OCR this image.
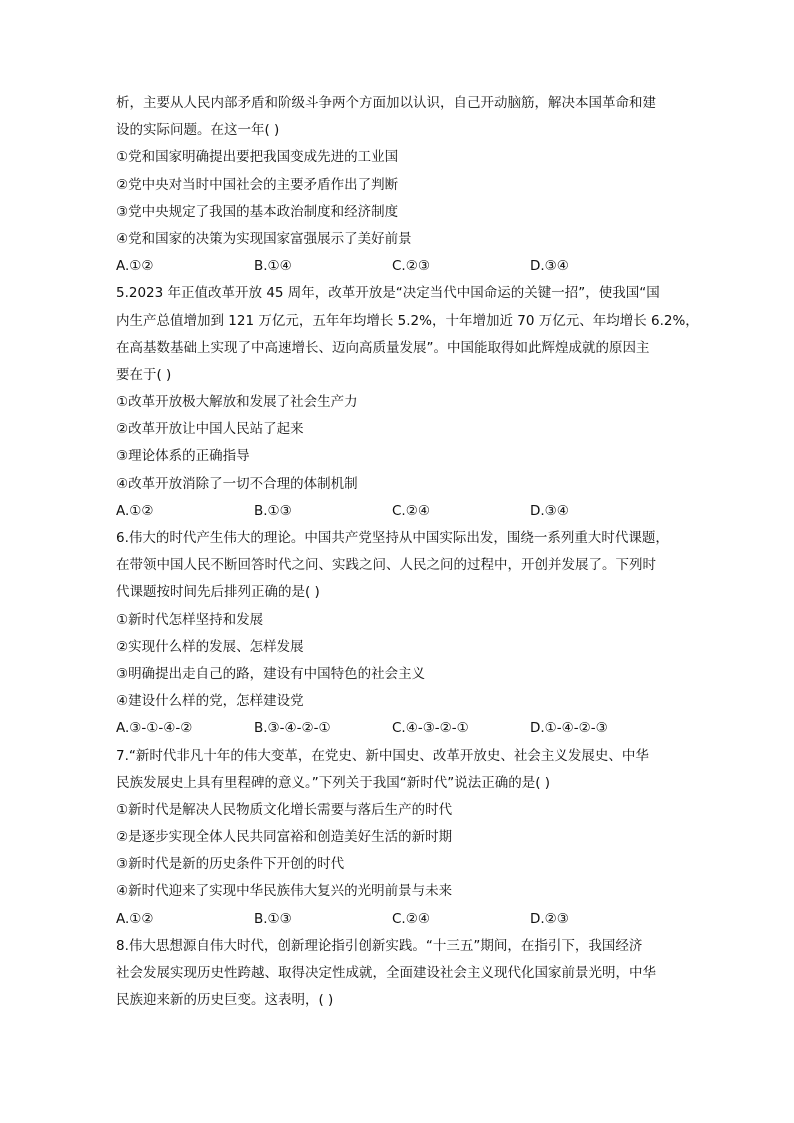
析，主要从人民内部矛盾和阶级斗争两个方面加以认识，自己开动脑筋，解决本国革命和建
设的实际问题。在这一年( )
①党和国家明确提出要把我国变成先进的工业国
②党中央对当时中国社会的主要矛盾作出了判断
③党中央规定了我国的基本政治制度和经济制度
④党和国家的决策为实现国家富强展示了美好前景
A.①②	B.①④	C.②③	D.③④
5.2023 年正值改革开放 45 周年，改革开放是“决定当代中国命运的关键一招”，使我国“国
内生产总值增加到 121 万亿元，五年年均增长 5.2%，十年增加近 70 万亿元、年均增长 6.2%，
在高基数基础上实现了中高速增长、迈向高质量发展”。中国能取得如此辉煌成就的原因主
要在于( )
①改革开放极大解放和发展了社会生产力
②改革开放让中国人民站了起来
③理论体系的正确指导
④改革开放消除了一切不合理的体制机制
A.①②	B.①③	C.②④	D.③④
6.伟大的时代产生伟大的理论。中国共产党坚持从中国实际出发，围绕一系列重大时代课题，
在带领中国人民不断回答时代之问、实践之问、人民之问的过程中，开创并发展了。下列时
代课题按时间先后排列正确的是( )
①新时代怎样坚持和发展
②实现什么样的发展、怎样发展
③明确提出走自己的路，建设有中国特色的社会主义
④建设什么样的党，怎样建设党
A.③-①-④-②	B.③-④-②-①	C.④-③-②-①	D.①-④-②-③
7.“新时代非凡十年的伟大变革，在党史、新中国史、改革开放史、社会主义发展史、中华
民族发展史上具有里程碑的意义。”下列关于我国“新时代”说法正确的是( )
①新时代是解决人民物质文化增长需要与落后生产的时代
②是逐步实现全体人民共同富裕和创造美好生活的新时期
③新时代是新的历史条件下开创的时代
④新时代迎来了实现中华民族伟大复兴的光明前景与未来
A.①②	B.①③	C.②④	D.②③
8.伟大思想源自伟大时代，创新理论指引创新实践。“十三五”期间，在指引下，我国经济
社会发展实现历史性跨越、取得决定性成就，全面建设社会主义现代化国家前景光明，中华
民族迎来新的历史巨变。这表明，( )
